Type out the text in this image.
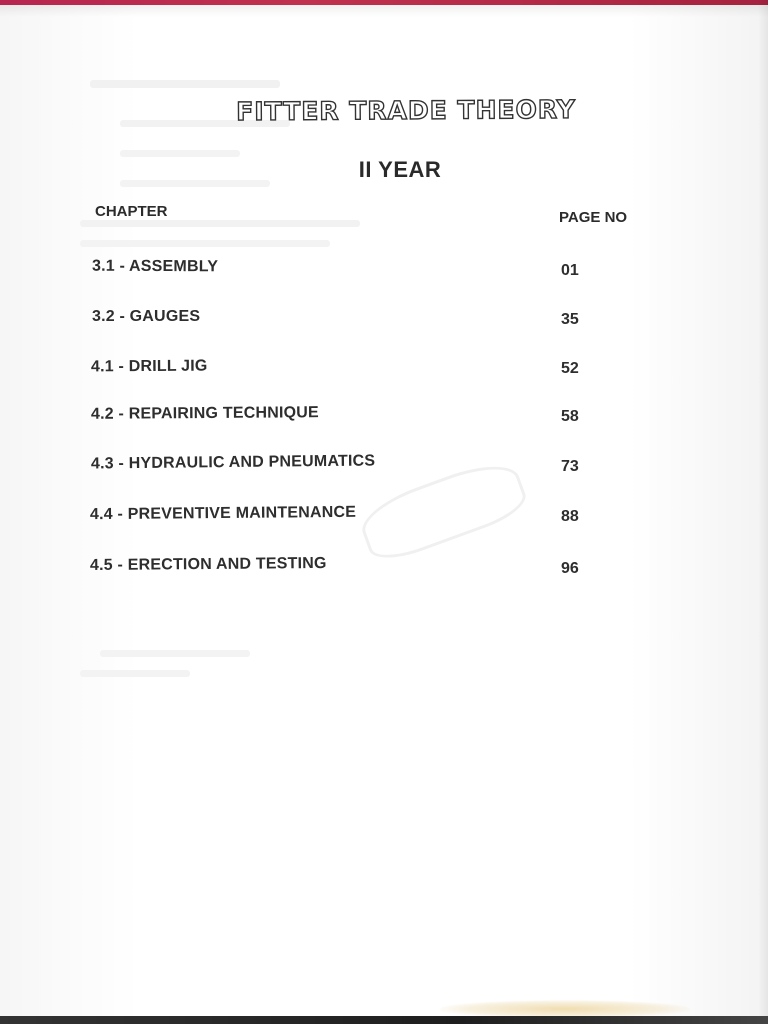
FITTER TRADE THEORY
II YEAR
CHAPTER	PAGE NO
3.1 - ASSEMBLY	01
3.2 - GAUGES	35
4.1 - DRILL JIG	52
4.2 - REPAIRING TECHNIQUE	58
4.3 - HYDRAULIC AND PNEUMATICS	73
4.4 - PREVENTIVE MAINTENANCE	88
4.5 - ERECTION AND TESTING	96
